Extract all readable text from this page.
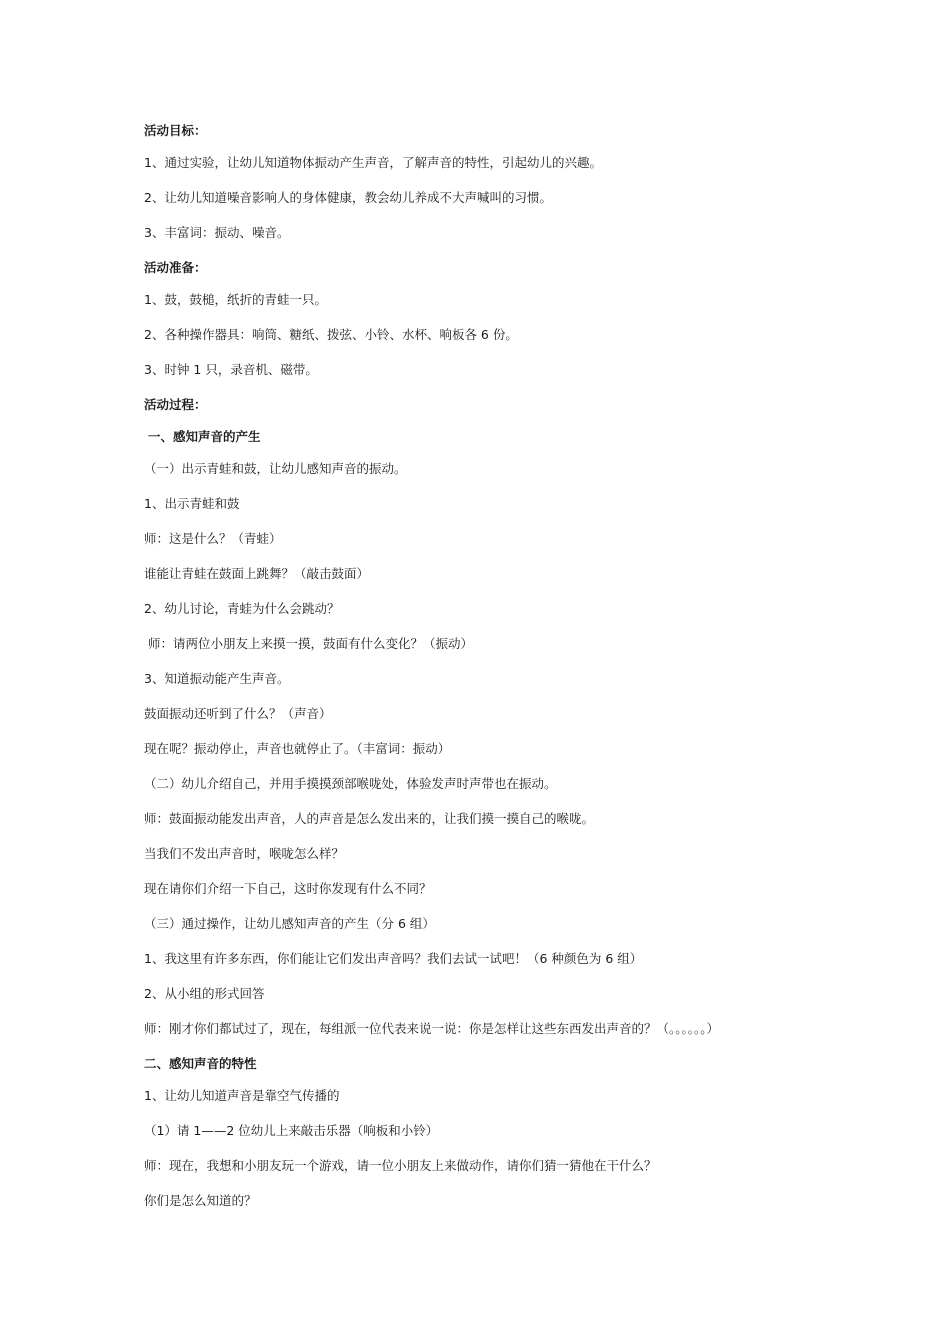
活动目标：
1、通过实验，让幼儿知道物体振动产生声音，了解声音的特性，引起幼儿的兴趣。
2、让幼儿知道噪音影响人的身体健康，教会幼儿养成不大声喊叫的习惯。
3、丰富词：振动、噪音。
活动准备：
1、鼓，鼓槌，纸折的青蛙一只。
2、各种操作器具：响筒、糖纸、拨弦、小铃、水杯、响板各 6 份。
3、时钟 1 只，录音机、磁带。
活动过程：
一、感知声音的产生
（一）出示青蛙和鼓，让幼儿感知声音的振动。
1、出示青蛙和鼓
师：这是什么？（青蛙）
谁能让青蛙在鼓面上跳舞？（敲击鼓面）
2、幼儿讨论，青蛙为什么会跳动？
师：请两位小朋友上来摸一摸，鼓面有什么变化？（振动）
3、知道振动能产生声音。
鼓面振动还听到了什么？（声音）
现在呢？振动停止，声音也就停止了。（丰富词：振动）
（二）幼儿介绍自己，并用手摸摸颈部喉咙处，体验发声时声带也在振动。
师：鼓面振动能发出声音，人的声音是怎么发出来的，让我们摸一摸自己的喉咙。
当我们不发出声音时，喉咙怎么样？
现在请你们介绍一下自己，这时你发现有什么不同？
（三）通过操作，让幼儿感知声音的产生（分 6 组）
1、我这里有许多东西，你们能让它们发出声音吗？我们去试一试吧！（6 种颜色为 6 组）
2、从小组的形式回答
师：刚才你们都试过了，现在，每组派一位代表来说一说：你是怎样让这些东西发出声音的？（。。。。。。）
二、感知声音的特性
1、让幼儿知道声音是靠空气传播的
（1）请 1——2 位幼儿上来敲击乐器（响板和小铃）
师：现在，我想和小朋友玩一个游戏，请一位小朋友上来做动作，请你们猜一猜他在干什么？
你们是怎么知道的？
